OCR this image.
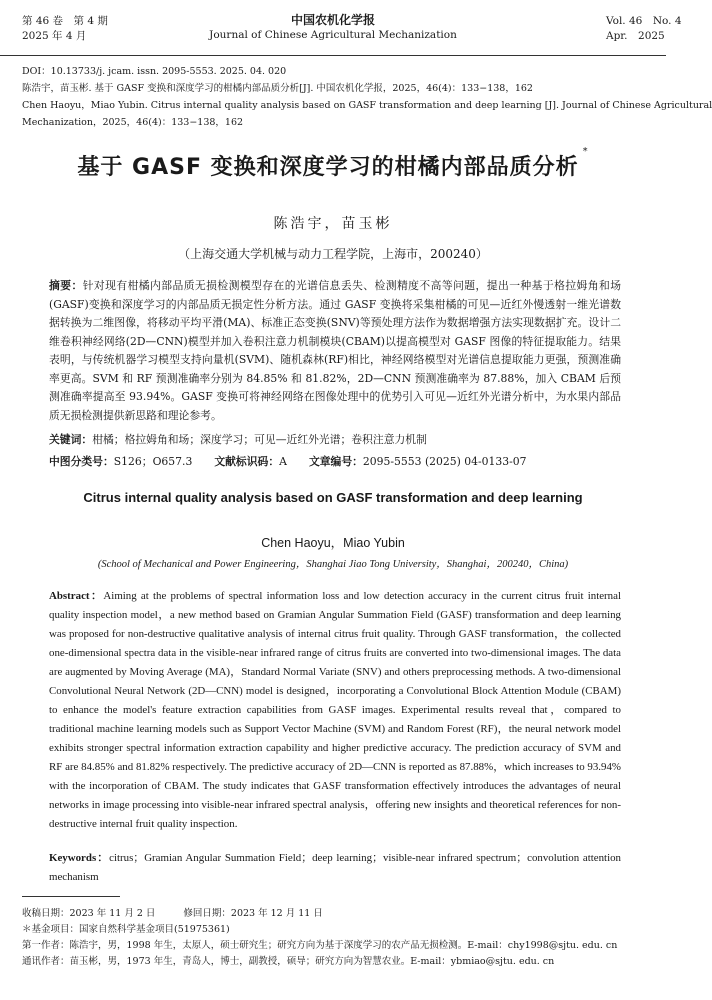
第 46 卷　第 4 期
2025 年 4 月
中国农机化学报
Journal of Chinese Agricultural Mechanization
Vol. 46　No. 4
Apr.　2025
DOI：10.13733/j. jcam. issn. 2095-5553. 2025. 04. 020
陈浩宇，苗玉彬. 基于 GASF 变换和深度学习的柑橘内部品质分析[J]. 中国农机化学报，2025，46(4)：133−138，162
Chen Haoyu，Miao Yubin. Citrus internal quality analysis based on GASF transformation and deep learning [J]. Journal of Chinese Agricultural
Mechanization，2025，46(4)：133−138，162
基于 GASF 变换和深度学习的柑橘内部品质分析*
陈浩宇，苗玉彬
（上海交通大学机械与动力工程学院，上海市，200240）
摘要：针对现有柑橘内部品质无损检测模型存在的光谱信息丢失、检测精度不高等问题，提出一种基于格拉姆角和场(GASF)变换和深度学习的内部品质无损定性分析方法。通过 GASF 变换将采集柑橘的可见—近红外慢透射一维光谱数据转换为二维图像，将移动平均平滑(MA)、标准正态变换(SNV)等预处理方法作为数据增强方法实现数据扩充。设计二维卷积神经网络(2D—CNN)模型并加入卷积注意力机制模块(CBAM)以提高模型对 GASF 图像的特征提取能力。结果表明，与传统机器学习模型支持向量机(SVM)、随机森林(RF)相比，神经网络模型对光谱信息提取能力更强，预测准确率更高。SVM 和 RF 预测准确率分别为 84.85% 和 81.82%，2D—CNN 预测准确率为 87.88%，加入 CBAM 后预测准确率提高至 93.94%。GASF 变换可将神经网络在图像处理中的优势引入可见—近红外光谱分析中，为水果内部品质无损检测提供新思路和理论参考。
关键词：柑橘；格拉姆角和场；深度学习；可见—近红外光谱；卷积注意力机制
中图分类号：S126；O657.3 文献标识码：A 文章编号：2095-5553 (2025) 04-0133-07
Citrus internal quality analysis based on GASF transformation and deep learning
Chen Haoyu，Miao Yubin
(School of Mechanical and Power Engineering，Shanghai Jiao Tong University，Shanghai，200240，China)
Abstract：Aiming at the problems of spectral information loss and low detection accuracy in the current citrus fruit internal quality inspection model，a new method based on Gramian Angular Summation Field (GASF) transformation and deep learning was proposed for non-destructive qualitative analysis of internal citrus fruit quality. Through GASF transformation，the collected one-dimensional spectra data in the visible-near infrared range of citrus fruits are converted into two-dimensional images. The data are augmented by Moving Average (MA)，Standard Normal Variate (SNV) and others preprocessing methods. A two-dimensional Convolutional Neural Network (2D—CNN) model is designed，incorporating a Convolutional Block Attention Module (CBAM) to enhance the model's feature extraction capabilities from GASF images. Experimental results reveal that，compared to traditional machine learning models such as Support Vector Machine (SVM) and Random Forest (RF)，the neural network model exhibits stronger spectral information extraction capability and higher predictive accuracy. The prediction accuracy of SVM and RF are 84.85% and 81.82% respectively. The predictive accuracy of 2D—CNN is reported as 87.88%，which increases to 93.94% with the incorporation of CBAM. The study indicates that GASF transformation effectively introduces the advantages of neural networks in image processing into visible-near infrared spectral analysis，offering new insights and theoretical references for non-destructive internal fruit quality inspection.
Keywords：citrus；Gramian Angular Summation Field；deep learning；visible-near infrared spectrum；convolution attention mechanism
收稿日期：2023 年 11 月 2 日	修回日期：2023 年 12 月 11 日
＊基金项目：国家自然科学基金项目(51975361)
第一作者：陈浩宇，男，1998 年生，太原人，硕士研究生；研究方向为基于深度学习的农产品无损检测。E-mail：chy1998@sjtu. edu. cn
通讯作者：苗玉彬，男，1973 年生，青岛人，博士，副教授，硕导；研究方向为智慧农业。E-mail：ybmiao@sjtu. edu. cn
